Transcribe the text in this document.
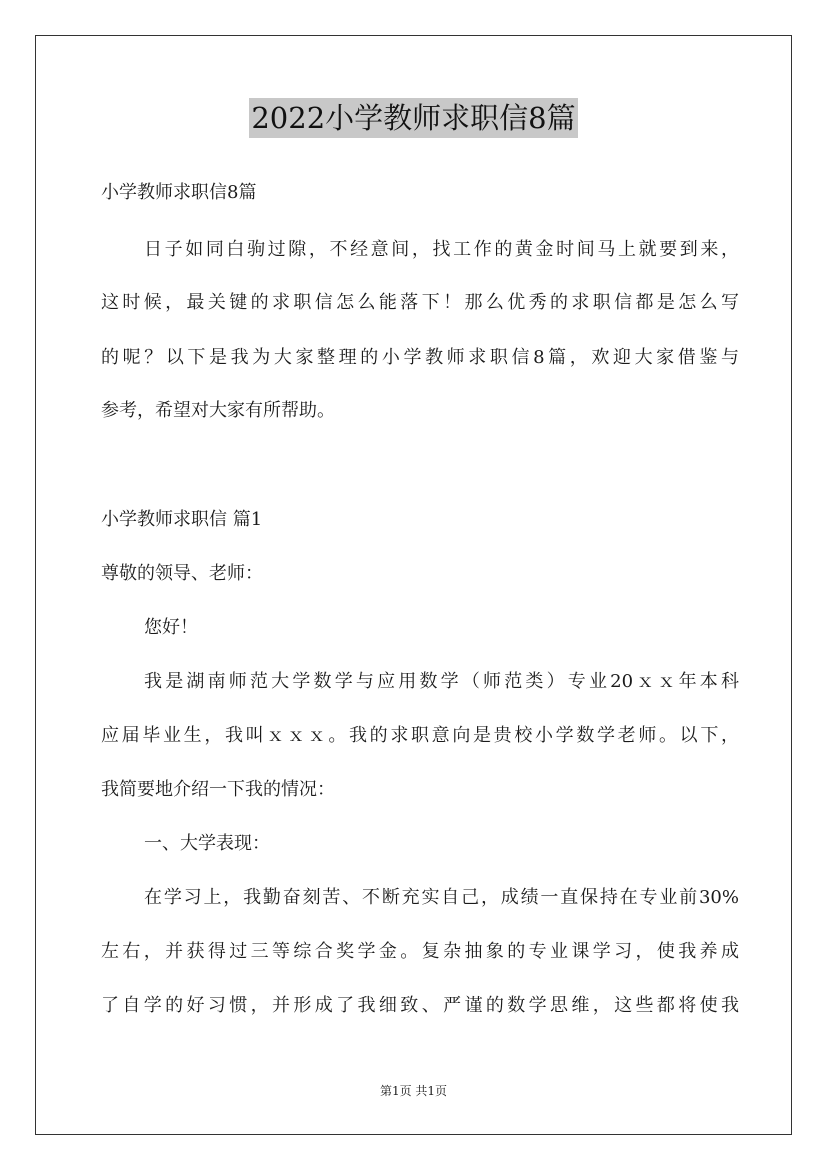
2022小学教师求职信8篇
小学教师求职信8篇
日子如同白驹过隙，不经意间，找工作的黄金时间马上就要到来，
这时候，最关键的求职信怎么能落下！那么优秀的求职信都是怎么写
的呢？以下是我为大家整理的小学教师求职信8篇，欢迎大家借鉴与
参考，希望对大家有所帮助。
小学教师求职信 篇1
尊敬的领导、老师：
您好！
我是湖南师范大学数学与应用数学（师范类）专业20ｘｘ年本科
应届毕业生，我叫ｘｘｘ。我的求职意向是贵校小学数学老师。以下，
我简要地介绍一下我的情况：
一、大学表现：
在学习上，我勤奋刻苦、不断充实自己，成绩一直保持在专业前30%
左右，并获得过三等综合奖学金。复杂抽象的专业课学习，使我养成
了自学的好习惯，并形成了我细致、严谨的数学思维，这些都将使我
第1页 共1页
